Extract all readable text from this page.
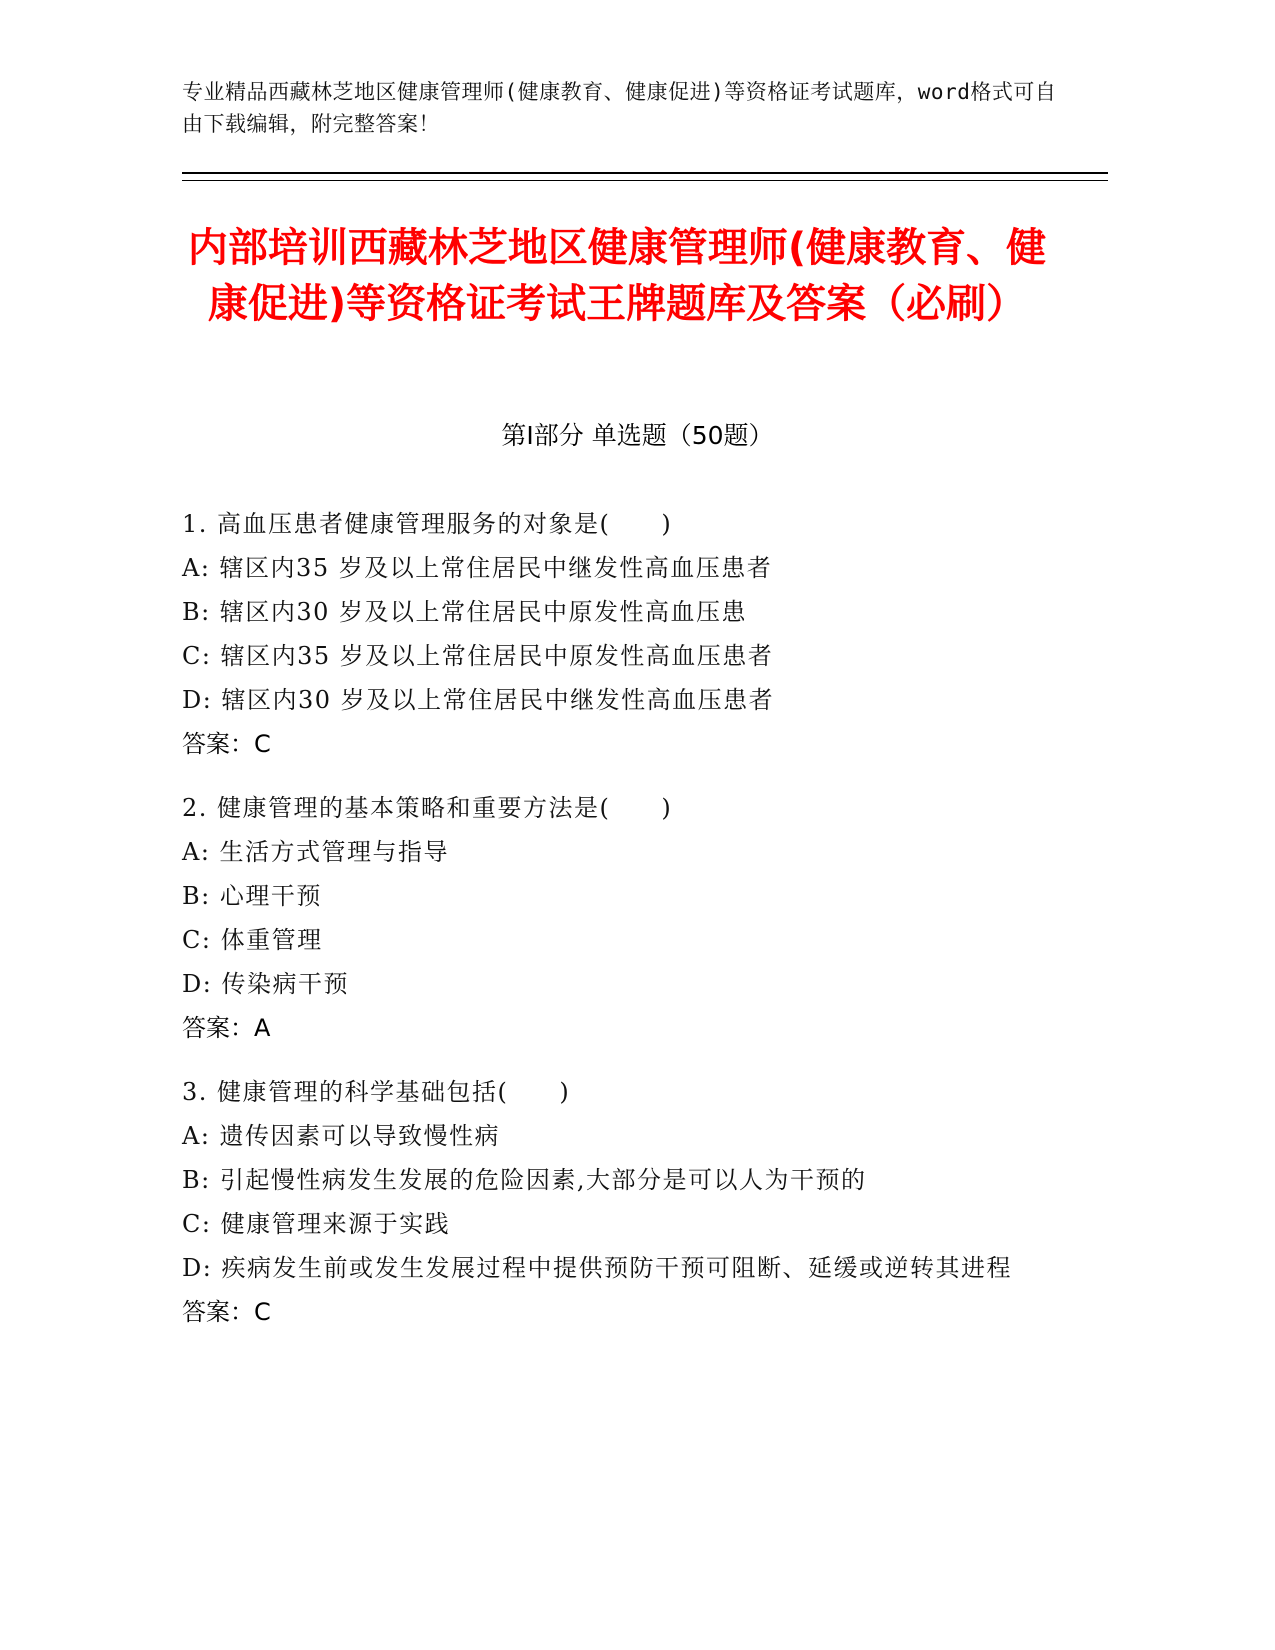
专业精品西藏林芝地区健康管理师(健康教育、健康促进)等资格证考试题库，word格式可自由下载编辑，附完整答案！
内部培训西藏林芝地区健康管理师(健康教育、健康促进)等资格证考试王牌题库及答案（必刷）
第Ⅰ部分 单选题（50题）
1. 高血压患者健康管理服务的对象是(　　)
A: 辖区内35 岁及以上常住居民中继发性高血压患者
B: 辖区内30 岁及以上常住居民中原发性高血压患
C: 辖区内35 岁及以上常住居民中原发性高血压患者
D: 辖区内30 岁及以上常住居民中继发性高血压患者
答案：C
2. 健康管理的基本策略和重要方法是(　　)
A: 生活方式管理与指导
B: 心理干预
C: 体重管理
D: 传染病干预
答案：A
3. 健康管理的科学基础包括(　　)
A: 遗传因素可以导致慢性病
B: 引起慢性病发生发展的危险因素,大部分是可以人为干预的
C: 健康管理来源于实践
D: 疾病发生前或发生发展过程中提供预防干预可阻断、延缓或逆转其进程
答案：C
